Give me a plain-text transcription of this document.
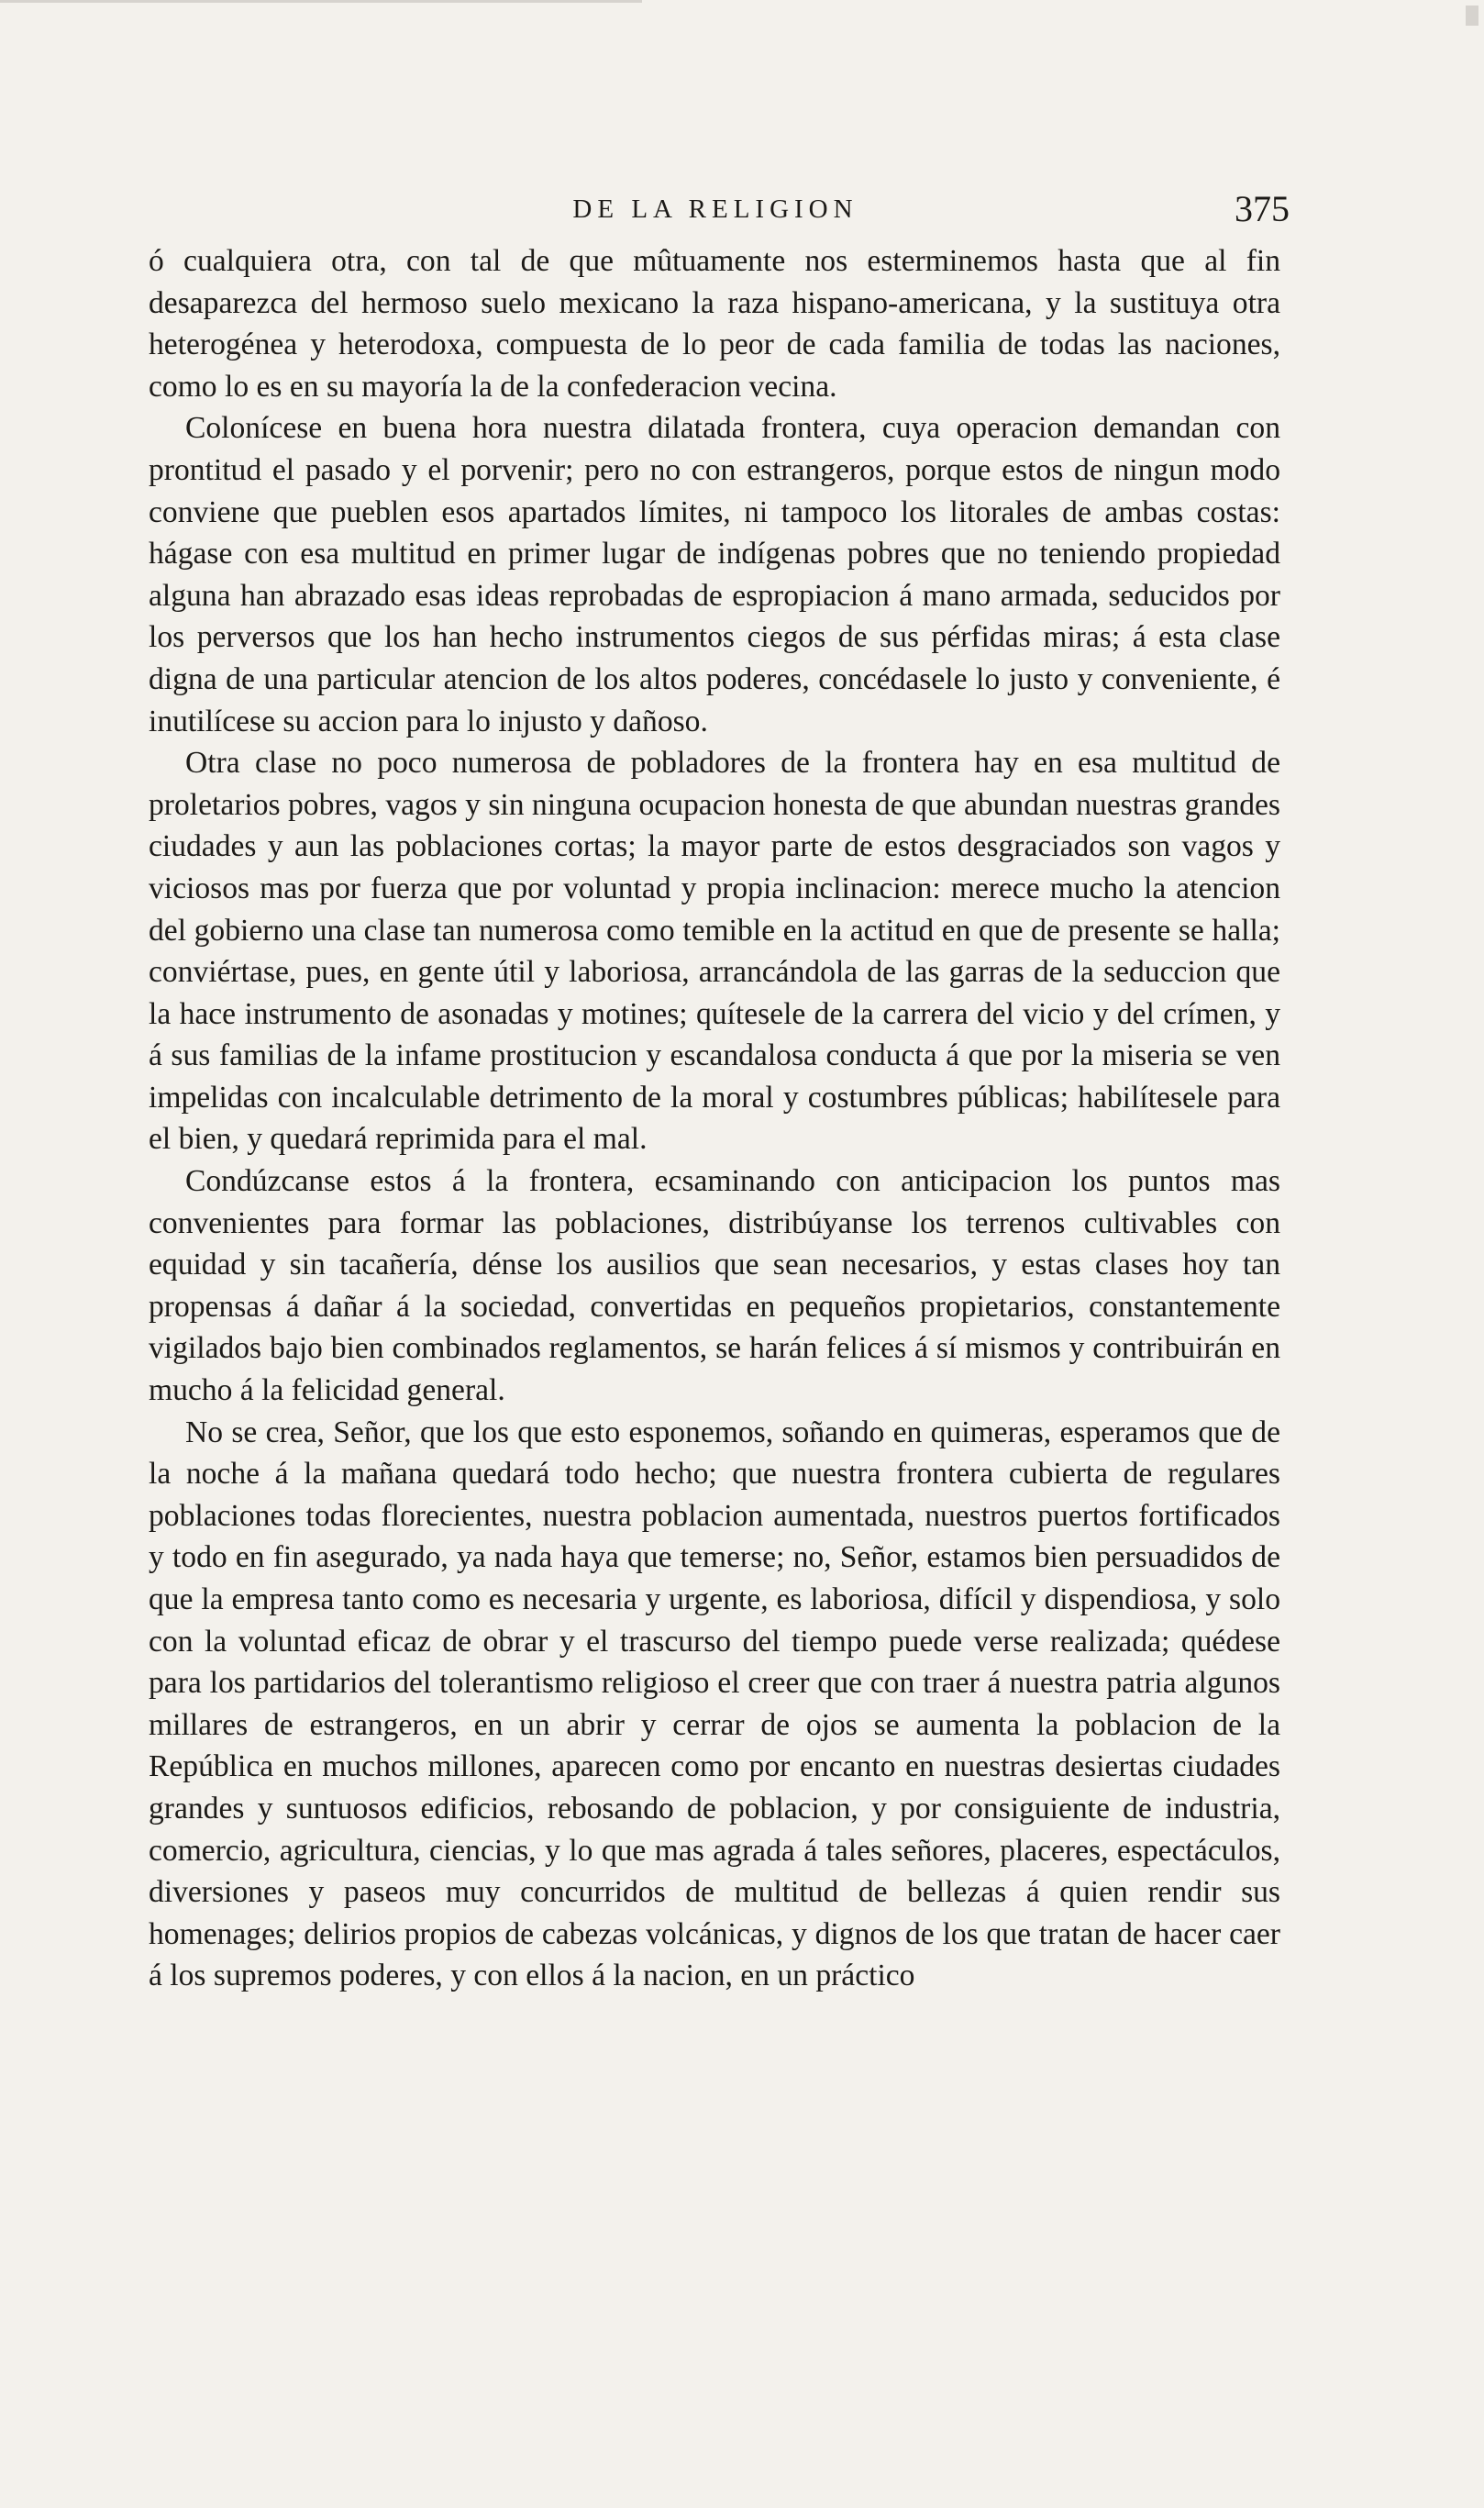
DE LA RELIGION	375

ó cualquiera otra, con tal de que mûtuamente nos esterminemos hasta que al fin desaparezca del hermoso suelo mexicano la raza hispano-americana, y la sustituya otra heterogénea y heterodoxa, compuesta de lo peor de cada familia de todas las naciones, como lo es en su mayoría la de la confederacion vecina.

Colonícese en buena hora nuestra dilatada frontera, cuya operacion demandan con prontitud el pasado y el porvenir; pero no con estrangeros, porque estos de ningun modo conviene que pueblen esos apartados límites, ni tampoco los litorales de ambas costas: hágase con esa multitud en primer lugar de indígenas pobres que no teniendo propiedad alguna han abrazado esas ideas reprobadas de espropiacion á mano armada, seducidos por los perversos que los han hecho instrumentos ciegos de sus pérfidas miras; á esta clase digna de una particular atencion de los altos poderes, concédasele lo justo y conveniente, é inutilícese su accion para lo injusto y dañoso.

Otra clase no poco numerosa de pobladores de la frontera hay en esa multitud de proletarios pobres, vagos y sin ninguna ocupacion honesta de que abundan nuestras grandes ciudades y aun las poblaciones cortas; la mayor parte de estos desgraciados son vagos y viciosos mas por fuerza que por voluntad y propia inclinacion: merece mucho la atencion del gobierno una clase tan numerosa como temible en la actitud en que de presente se halla; conviértase, pues, en gente útil y laboriosa, arrancándola de las garras de la seduccion que la hace instrumento de asonadas y motines; quítesele de la carrera del vicio y del crímen, y á sus familias de la infame prostitucion y escandalosa conducta á que por la miseria se ven impelidas con incalculable detrimento de la moral y costumbres públicas; habilítesele para el bien, y quedará reprimida para el mal.

Condúzcanse estos á la frontera, ecsaminando con anticipacion los puntos mas convenientes para formar las poblaciones, distribúyanse los terrenos cultivables con equidad y sin tacañería, dénse los ausilios que sean necesarios, y estas clases hoy tan propensas á dañar á la sociedad, convertidas en pequeños propietarios, constantemente vigilados bajo bien combinados reglamentos, se harán felices á sí mismos y contribuirán en mucho á la felicidad general.

No se crea, Señor, que los que esto esponemos, soñando en quimeras, esperamos que de la noche á la mañana quedará todo hecho; que nuestra frontera cubierta de regulares poblaciones todas florecientes, nuestra poblacion aumentada, nuestros puertos fortificados y todo en fin asegurado, ya nada haya que temerse; no, Señor, estamos bien persuadidos de que la empresa tanto como es necesaria y urgente, es laboriosa, difícil y dispendiosa, y solo con la voluntad eficaz de obrar y el trascurso del tiempo puede verse realizada; quédese para los partidarios del tolerantismo religioso el creer que con traer á nuestra patria algunos millares de estrangeros, en un abrir y cerrar de ojos se aumenta la poblacion de la República en muchos millones, aparecen como por encanto en nuestras desiertas ciudades grandes y suntuosos edificios, rebosando de poblacion, y por consiguiente de industria, comercio, agricultura, ciencias, y lo que mas agrada á tales señores, placeres, espectáculos, diversiones y paseos muy concurridos de multitud de bellezas á quien rendir sus homenages; delirios propios de cabezas volcánicas, y dignos de los que tratan de hacer caer á los supremos poderes, y con ellos á la nacion, en un práctico
